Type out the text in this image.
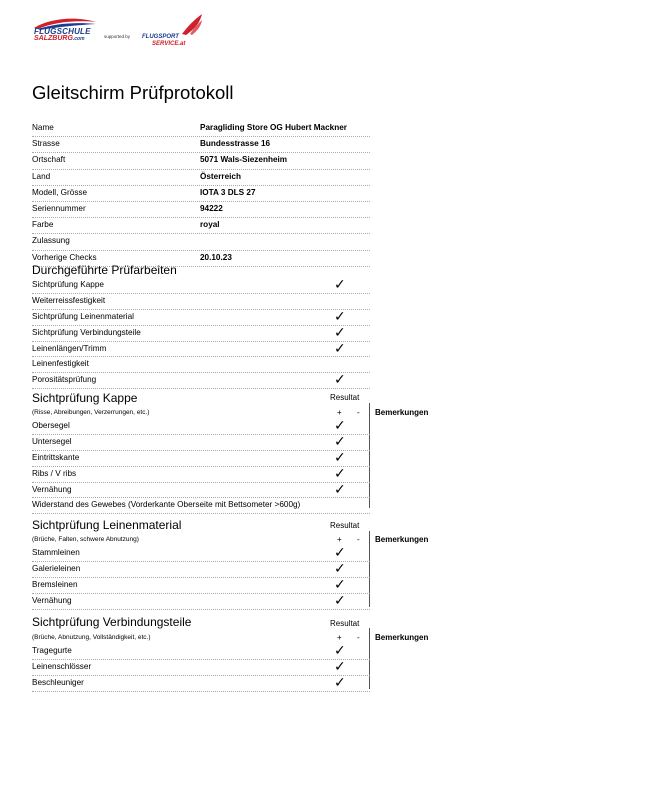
FLUGSCHULE
SALZBURG.com	supported by FLUGSPORT
SERVICE.at
Gleitschirm Prüfprotokoll
Name	Paragliding Store OG Hubert Mackner
Strasse	Bundesstrasse 16
Ortschaft	5071 Wals-Siezenheim
Land	Österreich
Modell, Grösse	IOTA 3 DLS 27
Seriennummer	94222
Farbe	royal
Zulassung
Vorherige Checks	20.10.23
Durchgeführte Prüfarbeiten
Sichtprüfung Kappe	✓
Weiterreissfestigkeit
Sichtprüfung Leinenmaterial	✓
Sichtprüfung Verbindungsteile	✓
Leinenlängen/Trimm	✓
Leinenfestigkeit
Porositätsprüfung	✓
Sichtprüfung Kappe	Resultat
Bemerkungen
(Risse, Abreibungen, Verzerrungen, etc.)	+ -
Obersegel	✓
Untersegel	✓
Eintrittskante	✓
Ribs / V ribs	✓
Vernähung	✓
Widerstand des Gewebes (Vorderkante Oberseite mit Bettsometer >600g)
Sichtprüfung Leinenmaterial	Resultat
Bemerkungen
(Brüche, Falten, schwere Abnutzung)	+ -
Stammleinen	✓
Galerieleinen	✓
Bremsleinen	✓
Vernähung	✓
Sichtprüfung Verbindungsteile	Resultat
Bemerkungen
(Brüche, Abnutzung, Vollständigkeit, etc.)	+ -
Tragegurte	✓
Leinenschlösser	✓
Beschleuniger	✓
